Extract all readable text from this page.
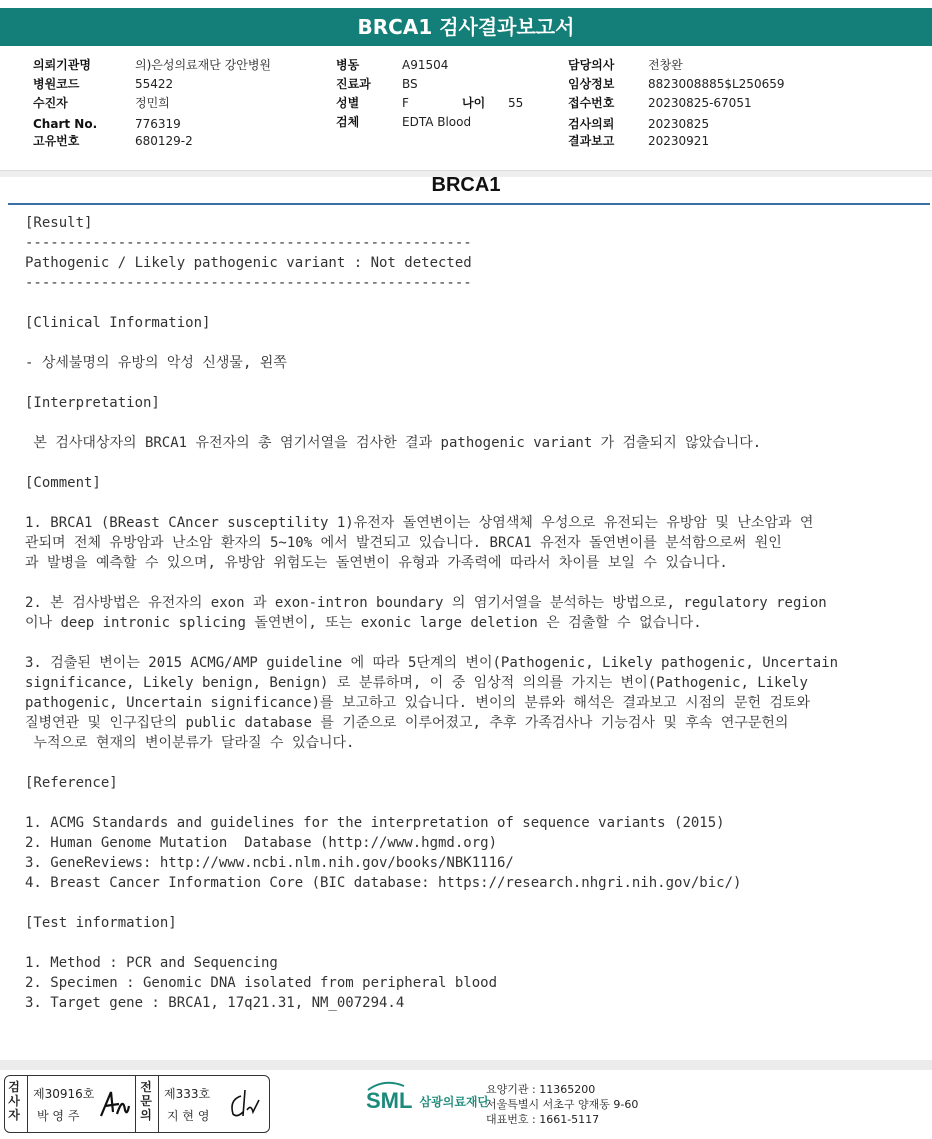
BRCA1 검사결과보고서
의뢰기관명	의)은성의료재단 강안병원
병원코드	55422
수진자	정민희
Chart No.	776319
고유번호	680129-2
병동	A91504
진료과	BS
성별	F	나이 55
검체	EDTA Blood
담당의사	전창완
임상정보	8823008885$L250659
접수번호	20230825-67051
검사의뢰	20230825
결과보고	20230921
BRCA1
[Result]
-----------------------------------------------------
Pathogenic / Likely pathogenic variant : Not detected
-----------------------------------------------------
[Clinical Information]
- 상세불명의 유방의 악성 신생물, 왼쪽
[Interpretation]
본 검사대상자의 BRCA1 유전자의 총 염기서열을 검사한 결과 pathogenic variant 가 검출되지 않았습니다.
[Comment]
1. BRCA1 (BReast CAncer susceptility 1)유전자 돌연변이는 상염색체 우성으로 유전되는 유방암 및 난소암과 연
관되며 전체 유방암과 난소암 환자의 5~10% 에서 발견되고 있습니다. BRCA1 유전자 돌연변이를 분석함으로써 원인
과 발병을 예측할 수 있으며, 유방암 위험도는 돌연변이 유형과 가족력에 따라서 차이를 보일 수 있습니다.
2. 본 검사방법은 유전자의 exon 과 exon-intron boundary 의 염기서열을 분석하는 방법으로, regulatory region
이나 deep intronic splicing 돌연변이, 또는 exonic large deletion 은 검출할 수 없습니다.
3. 검출된 변이는 2015 ACMG/AMP guideline 에 따라 5단계의 변이(Pathogenic, Likely pathogenic, Uncertain
significance, Likely benign, Benign) 로 분류하며, 이 중 임상적 의의를 가지는 변이(Pathogenic, Likely
pathogenic, Uncertain significance)를 보고하고 있습니다. 변이의 분류와 해석은 결과보고 시점의 문헌 검토와
질병연관 및 인구집단의 public database 를 기준으로 이루어졌고, 추후 가족검사나 기능검사 및 후속 연구문헌의
누적으로 현재의 변이분류가 달라질 수 있습니다.
[Reference]
1. ACMG Standards and guidelines for the interpretation of sequence variants (2015)
2. Human Genome Mutation  Database (http://www.hgmd.org)
3. GeneReviews: http://www.ncbi.nlm.nih.gov/books/NBK1116/
4. Breast Cancer Information Core (BIC database: https://research.nhgri.nih.gov/bic/)
[Test information]
1. Method : PCR and Sequencing
2. Specimen : Genomic DNA isolated from peripheral blood
3. Target gene : BRCA1, 17q21.31, NM_007294.4
검사자
제30916호
박 영 주
전문의
제333호
지 현 영
SML $_{삼광의료재단}$
요양기관 : 11365200
서울특별시 서초구 양재동 9-60
대표번호 : 1661-5117
